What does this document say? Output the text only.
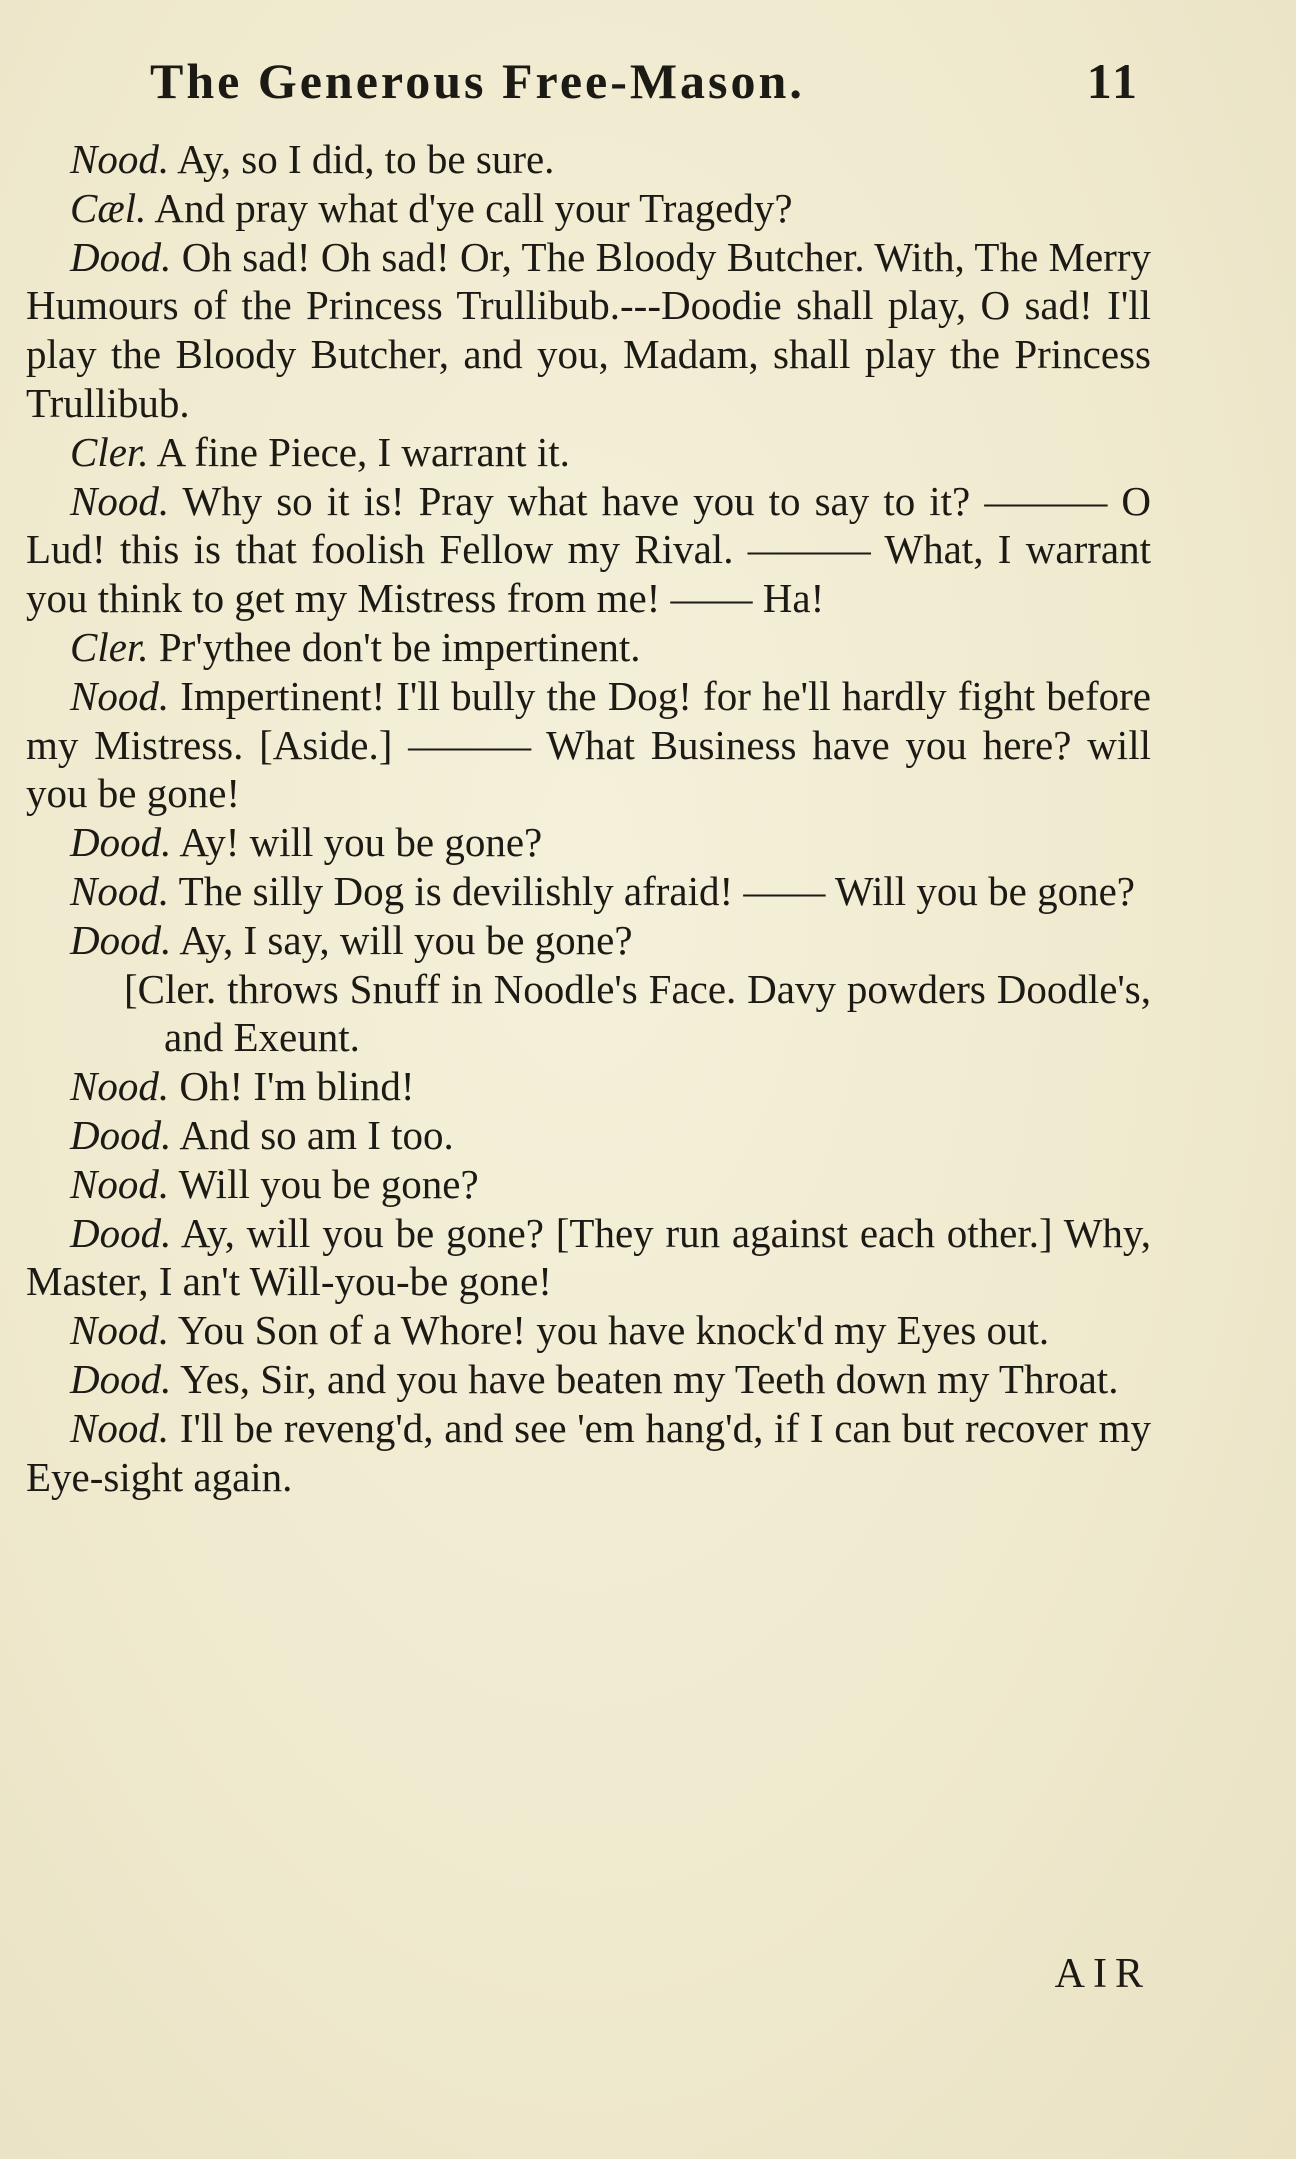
The Generous Free-Mason.	11

Nood. Ay, so I did, to be sure.

Cæl. And pray what d'ye call your Tragedy?

Dood. Oh sad! Oh sad! Or, The Bloody Butcher. With, The Merry Humours of the Princess Trullibub.---Doodie shall play, O sad! I'll play the Bloody Butcher, and you, Madam, shall play the Princess Trullibub.

Cler. A fine Piece, I warrant it.

Nood. Why so it is! Pray what have you to say to it? ——— O Lud! this is that foolish Fellow my Rival. ——— What, I warrant you think to get my Mistress from me! —— Ha!

Cler. Pr'ythee don't be impertinent.

Nood. Impertinent! I'll bully the Dog! for he'll hardly fight before my Mistress. [Aside.] ——— What Business have you here? will you be gone!

Dood. Ay! will you be gone?

Nood. The silly Dog is devilishly afraid! —— Will you be gone?

Dood. Ay, I say, will you be gone?

[Cler. throws Snuff in Noodle's Face. Davy powders Doodle's, and Exeunt.

Nood. Oh! I'm blind!

Dood. And so am I too.

Nood. Will you be gone?

Dood. Ay, will you be gone? [They run against each other.] Why, Master, I an't Will-you-be gone!

Nood. You Son of a Whore! you have knock'd my Eyes out.

Dood. Yes, Sir, and you have beaten my Teeth down my Throat.

Nood. I'll be reveng'd, and see 'em hang'd, if I can but recover my Eye-sight again.

AIR
